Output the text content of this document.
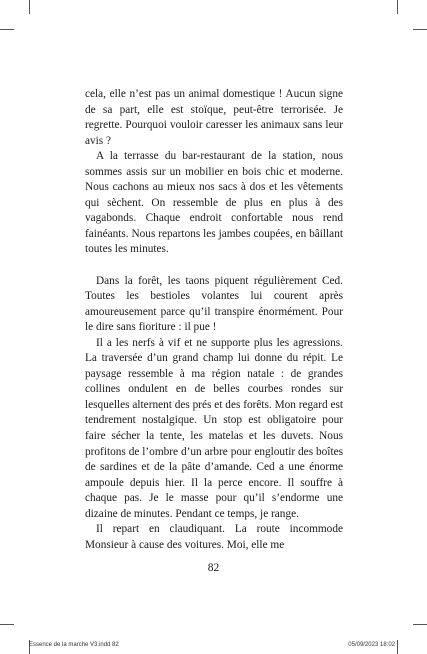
cela, elle n’est pas un animal domestique ! Aucun signe de sa part, elle est stoïque, peut-être terrorisée. Je regrette. Pourquoi vouloir caresser les animaux sans leur avis ?

A la terrasse du bar-restaurant de la station, nous sommes assis sur un mobilier en bois chic et moderne. Nous cachons au mieux nos sacs à dos et les vêtements qui sèchent. On ressemble de plus en plus à des vagabonds. Chaque endroit confortable nous rend fainéants. Nous repartons les jambes coupées, en bâillant toutes les minutes.

Dans la forêt, les taons piquent régulièrement Ced. Toutes les bestioles volantes lui courent après amoureusement parce qu’il transpire énormément. Pour le dire sans fioriture : il pue !

Il a les nerfs à vif et ne supporte plus les agressions. La traversée d’un grand champ lui donne du répit. Le paysage ressemble à ma région natale : de grandes collines ondulent en de belles courbes rondes sur lesquelles alternent des prés et des forêts. Mon regard est tendrement nostalgique. Un stop est obligatoire pour faire sécher la tente, les matelas et les duvets. Nous profitons de l’ombre d’un arbre pour engloutir des boîtes de sardines et de la pâte d’amande. Ced a une énorme ampoule depuis hier. Il la perce encore. Il souffre à chaque pas. Je le masse pour qu’il s’endorme une dizaine de minutes. Pendant ce temps, je range.

Il repart en claudiquant. La route incommode Monsieur à cause des voitures. Moi, elle me

82
Essence de la marche V3.indd 82	05/09/2023 18:02
